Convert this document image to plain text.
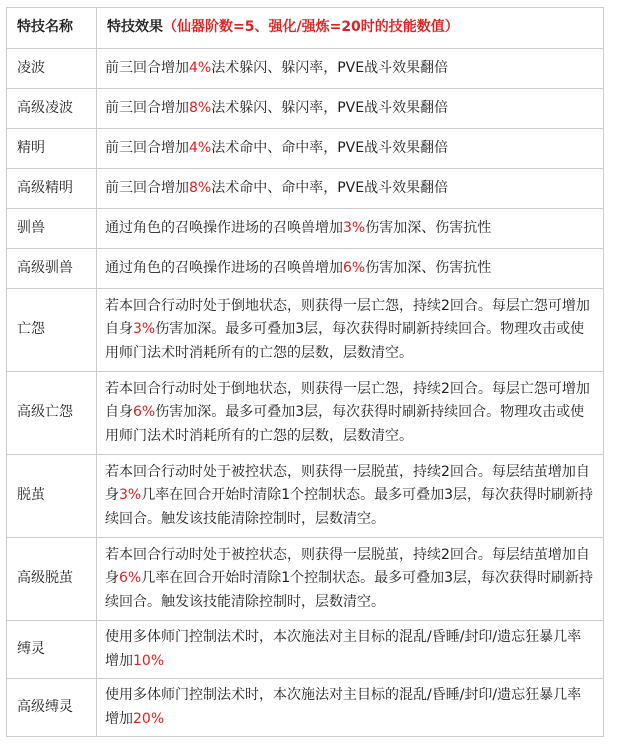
特技名称	特技效果（仙器阶数=5、强化/强炼=20时的技能数值）
凌波	前三回合增加4%法术躲闪、躲闪率，PVE战斗效果翻倍
高级凌波	前三回合增加8%法术躲闪、躲闪率，PVE战斗效果翻倍
精明	前三回合增加4%法术命中、命中率，PVE战斗效果翻倍
高级精明	前三回合增加8%法术命中、命中率，PVE战斗效果翻倍
驯兽	通过角色的召唤操作进场的召唤兽增加3%伤害加深、伤害抗性
高级驯兽	通过角色的召唤操作进场的召唤兽增加6%伤害加深、伤害抗性
亡怨	若本回合行动时处于倒地状态，则获得一层亡怨，持续2回合。每层亡怨可增加自身3%伤害加深。最多可叠加3层，每次获得时刷新持续回合。物理攻击或使用师门法术时消耗所有的亡怨的层数，层数清空。
高级亡怨	若本回合行动时处于倒地状态，则获得一层亡怨，持续2回合。每层亡怨可增加自身6%伤害加深。最多可叠加3层，每次获得时刷新持续回合。物理攻击或使用师门法术时消耗所有的亡怨的层数，层数清空。
脱茧	若本回合行动时处于被控状态，则获得一层脱茧，持续2回合。每层结茧增加自身3%几率在回合开始时清除1个控制状态。最多可叠加3层，每次获得时刷新持续回合。触发该技能清除控制时，层数清空。
高级脱茧	若本回合行动时处于被控状态，则获得一层脱茧，持续2回合。每层结茧增加自身6%几率在回合开始时清除1个控制状态。最多可叠加3层，每次获得时刷新持续回合。触发该技能清除控制时，层数清空。
缚灵	使用多体师门控制法术时，本次施法对主目标的混乱/昏睡/封印/遗忘狂暴几率增加10%
高级缚灵	使用多体师门控制法术时，本次施法对主目标的混乱/昏睡/封印/遗忘狂暴几率增加20%
